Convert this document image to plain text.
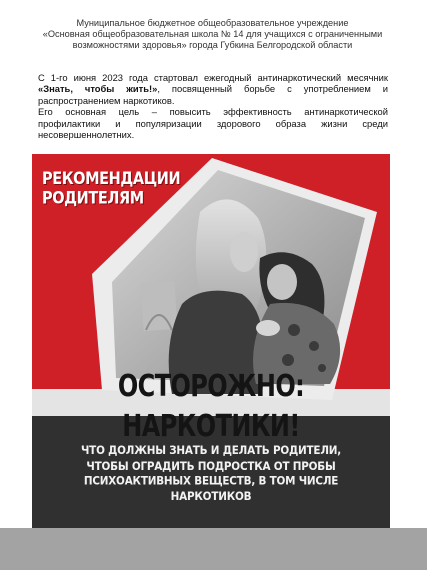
Муниципальное бюджетное общеобразовательное учреждение
«Основная общеобразовательная школа № 14 для учащихся с ограниченными
возможностями здоровья» города Губкина Белгородской области

С 1-го июня 2023 года стартовал ежегодный антинаркотический месячник «Знать, чтобы жить!», посвященный борьбе с употреблением и распространением наркотиков.

Его основная цель – повысить эффективность антинаркотической профилактики и популяризации здорового образа жизни среди несовершеннолетних.

РЕКОМЕНДАЦИИ
РОДИТЕЛЯМ
ОСТОРОЖНО: НАРКОТИКИ!
ЧТО ДОЛЖНЫ ЗНАТЬ И ДЕЛАТЬ РОДИТЕЛИ, ЧТОБЫ ОГРАДИТЬ ПОДРОСТКА ОТ ПРОБЫ ПСИХОАКТИВНЫХ ВЕЩЕСТВ, В ТОМ ЧИСЛЕ НАРКОТИКОВ
